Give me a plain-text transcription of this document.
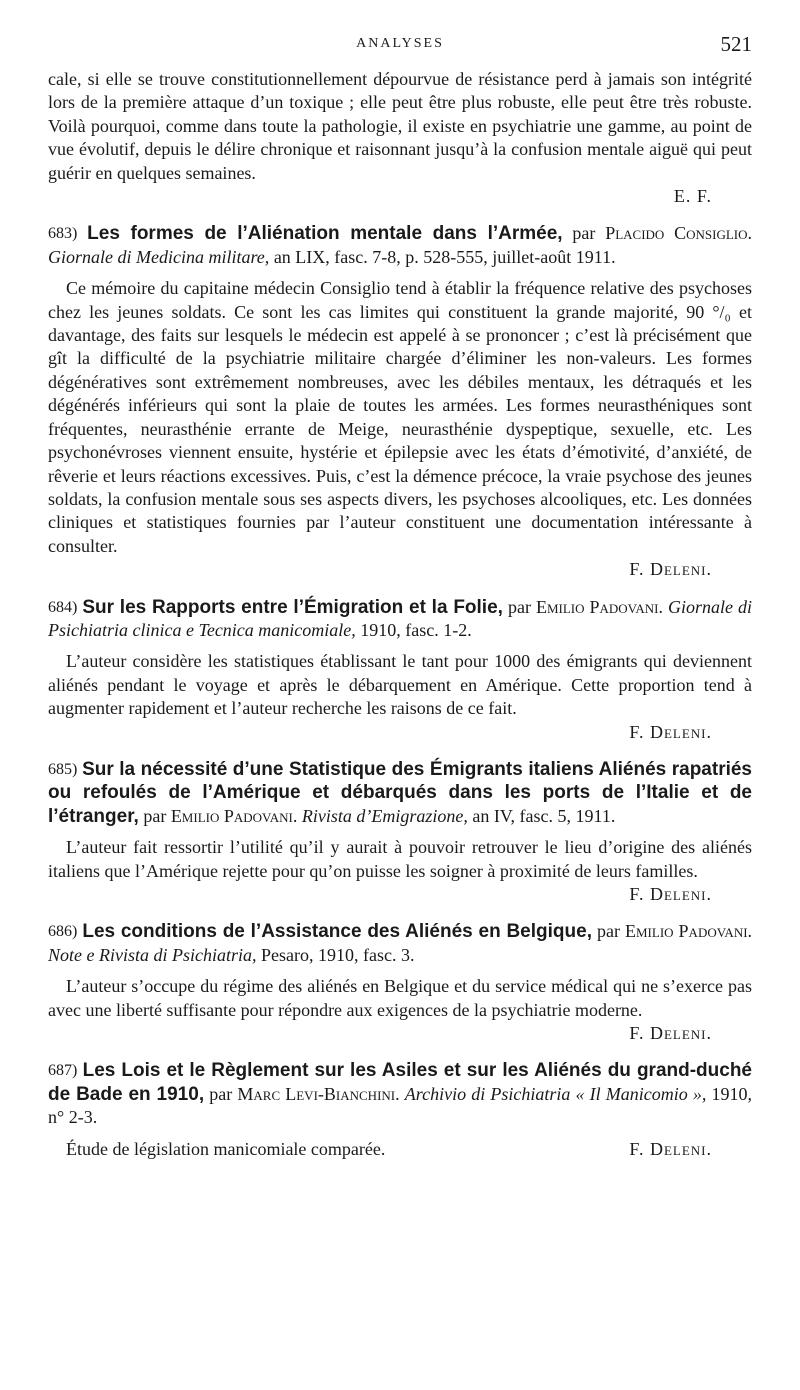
ANALYSES	521

cale, si elle se trouve constitutionnellement dépourvue de résistance perd à jamais son intégrité lors de la première attaque d’un toxique ; elle peut être plus robuste, elle peut être très robuste. Voilà pourquoi, comme dans toute la pathologie, il existe en psychiatrie une gamme, au point de vue évolutif, depuis le délire chronique et raisonnant jusqu’à la confusion mentale aiguë qui peut guérir en quelques semaines.

E. F.
683) Les formes de l’Aliénation mentale dans l’Armée, par Placido Consiglio. Giornale di Medicina militare, an LIX, fasc. 7-8, p. 528-555, juillet-août 1911.

Ce mémoire du capitaine médecin Consiglio tend à établir la fréquence relative des psychoses chez les jeunes soldats. Ce sont les cas limites qui constituent la grande majorité, 90 °/₀ et davantage, des faits sur lesquels le médecin est appelé à se prononcer ; c’est là précisément que gît la difficulté de la psychiatrie militaire chargée d’éliminer les non-valeurs. Les formes dégénératives sont extrêmement nombreuses, avec les débiles mentaux, les détraqués et les dégénérés inférieurs qui sont la plaie de toutes les armées. Les formes neurasthéniques sont fréquentes, neurasthénie errante de Meige, neurasthénie dyspeptique, sexuelle, etc. Les psychonévroses viennent ensuite, hystérie et épilepsie avec les états d’émotivité, d’anxiété, de rêverie et leurs réactions excessives. Puis, c’est la démence précoce, la vraie psychose des jeunes soldats, la confusion mentale sous ses aspects divers, les psychoses alcooliques, etc. Les données cliniques et statistiques fournies par l’auteur constituent une documentation intéressante à consulter.

F. Deleni.
684) Sur les Rapports entre l’Émigration et la Folie, par Emilio Padovani. Giornale di Psichiatria clinica e Tecnica manicomiale, 1910, fasc. 1-2.

L’auteur considère les statistiques établissant le tant pour 1000 des émigrants qui deviennent aliénés pendant le voyage et après le débarquement en Amérique. Cette proportion tend à augmenter rapidement et l’auteur recherche les raisons de ce fait.

F. Deleni.
685) Sur la nécessité d’une Statistique des Émigrants italiens Aliénés rapatriés ou refoulés de l’Amérique et débarqués dans les ports de l’Italie et de l’étranger, par Emilio Padovani. Rivista d’Emigrazione, an IV, fasc. 5, 1911.

L’auteur fait ressortir l’utilité qu’il y aurait à pouvoir retrouver le lieu d’origine des aliénés italiens que l’Amérique rejette pour qu’on puisse les soigner à proximité de leurs familles.

F. Deleni.
686) Les conditions de l’Assistance des Aliénés en Belgique, par Emilio Padovani. Note e Rivista di Psichiatria, Pesaro, 1910, fasc. 3.

L’auteur s’occupe du régime des aliénés en Belgique et du service médical qui ne s’exerce pas avec une liberté suffisante pour répondre aux exigences de la psychiatrie moderne.

F. Deleni.
687) Les Lois et le Règlement sur les Asiles et sur les Aliénés du grand-duché de Bade en 1910, par Marc Levi-Bianchini. Archivio di Psichiatria « Il Manicomio », 1910, n° 2-3.
Étude de législation manicomiale comparée.	F. Deleni.
